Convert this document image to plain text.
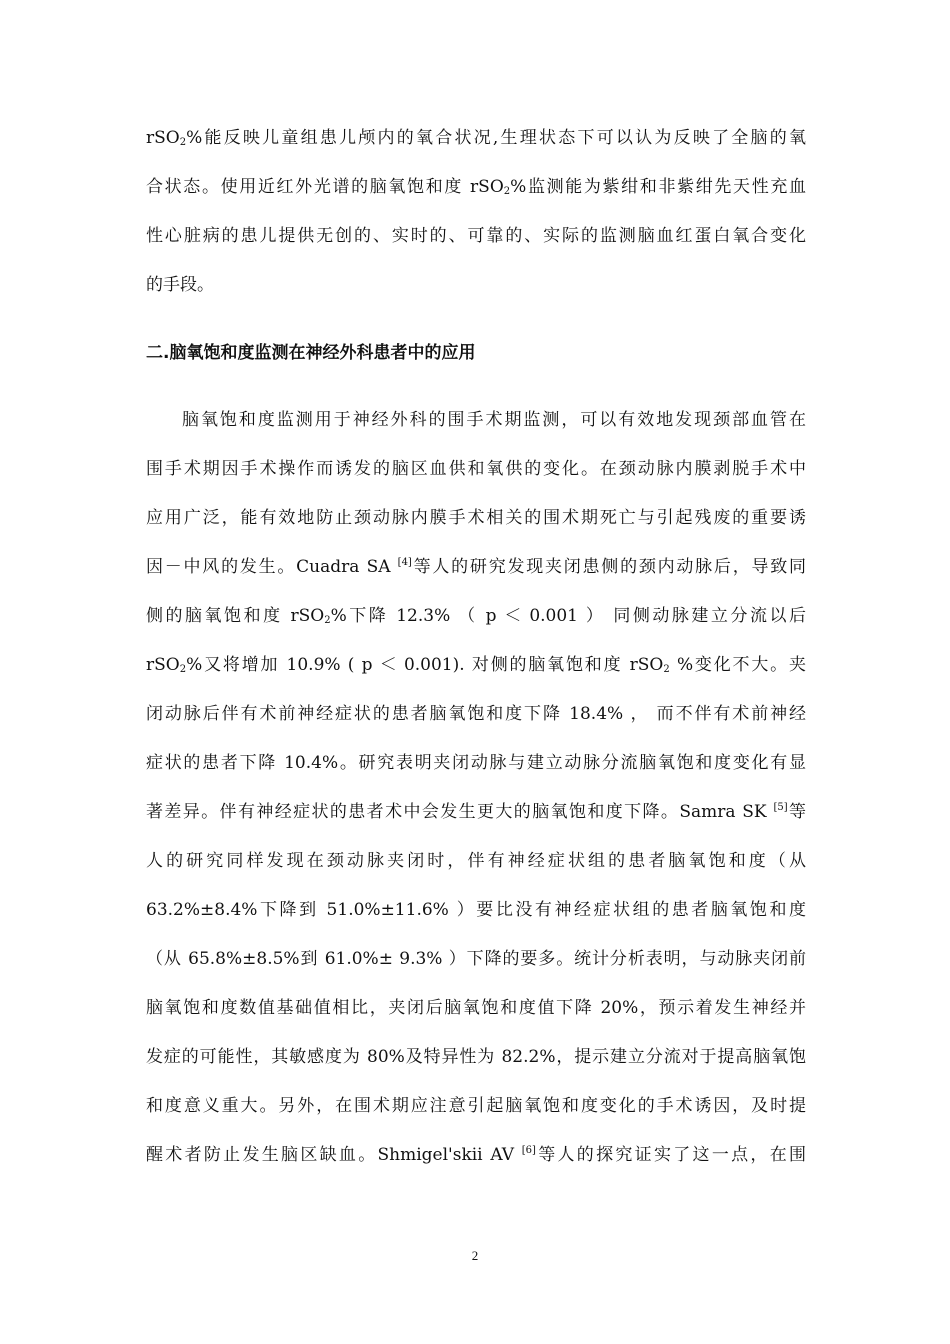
rSO$_2$%能反映儿童组患儿颅内的氧合状况,生理状态下可以认为反映了全脑的氧
合状态。使用近红外光谱的脑氧饱和度 rSO$_2$%监测能为紫绀和非紫绀先天性充血
性心脏病的患儿提供无创的、实时的、可靠的、实际的监测脑血红蛋白氧合变化
的手段。
二.脑氧饱和度监测在神经外科患者中的应用
脑氧饱和度监测用于神经外科的围手术期监测，可以有效地发现颈部血管在
围手术期因手术操作而诱发的脑区血供和氧供的变化。在颈动脉内膜剥脱手术中
应用广泛，能有效地防止颈动脉内膜手术相关的围术期死亡与引起残废的重要诱
因－中风的发生。Cuadra SA [4]等人的研究发现夹闭患侧的颈内动脉后，导致同
侧的脑氧饱和度 rSO$_2$%下降 12.3% （ p ＜ 0.001 ） 同侧动脉建立分流以后
rSO$_2$%又将增加 10.9% ( p ＜ 0.001). 对侧的脑氧饱和度 rSO$_2$ %变化不大。夹
闭动脉后伴有术前神经症状的患者脑氧饱和度下降 18.4% ， 而不伴有术前神经
症状的患者下降 10.4%。研究表明夹闭动脉与建立动脉分流脑氧饱和度变化有显
著差异。伴有神经症状的患者术中会发生更大的脑氧饱和度下降。Samra SK [5]等
人的研究同样发现在颈动脉夹闭时，伴有神经症状组的患者脑氧饱和度（从
63.2%±8.4%下降到 51.0%±11.6% ）要比没有神经症状组的患者脑氧饱和度
（从 65.8%±8.5%到 61.0%± 9.3% ）下降的要多。统计分析表明，与动脉夹闭前
脑氧饱和度数值基础值相比，夹闭后脑氧饱和度值下降 20%，预示着发生神经并
发症的可能性，其敏感度为 80%及特异性为 82.2%，提示建立分流对于提高脑氧饱
和度意义重大。另外，在围术期应注意引起脑氧饱和度变化的手术诱因，及时提
醒术者防止发生脑区缺血。Shmigel'skii AV [6]等人的探究证实了这一点，在围
2
